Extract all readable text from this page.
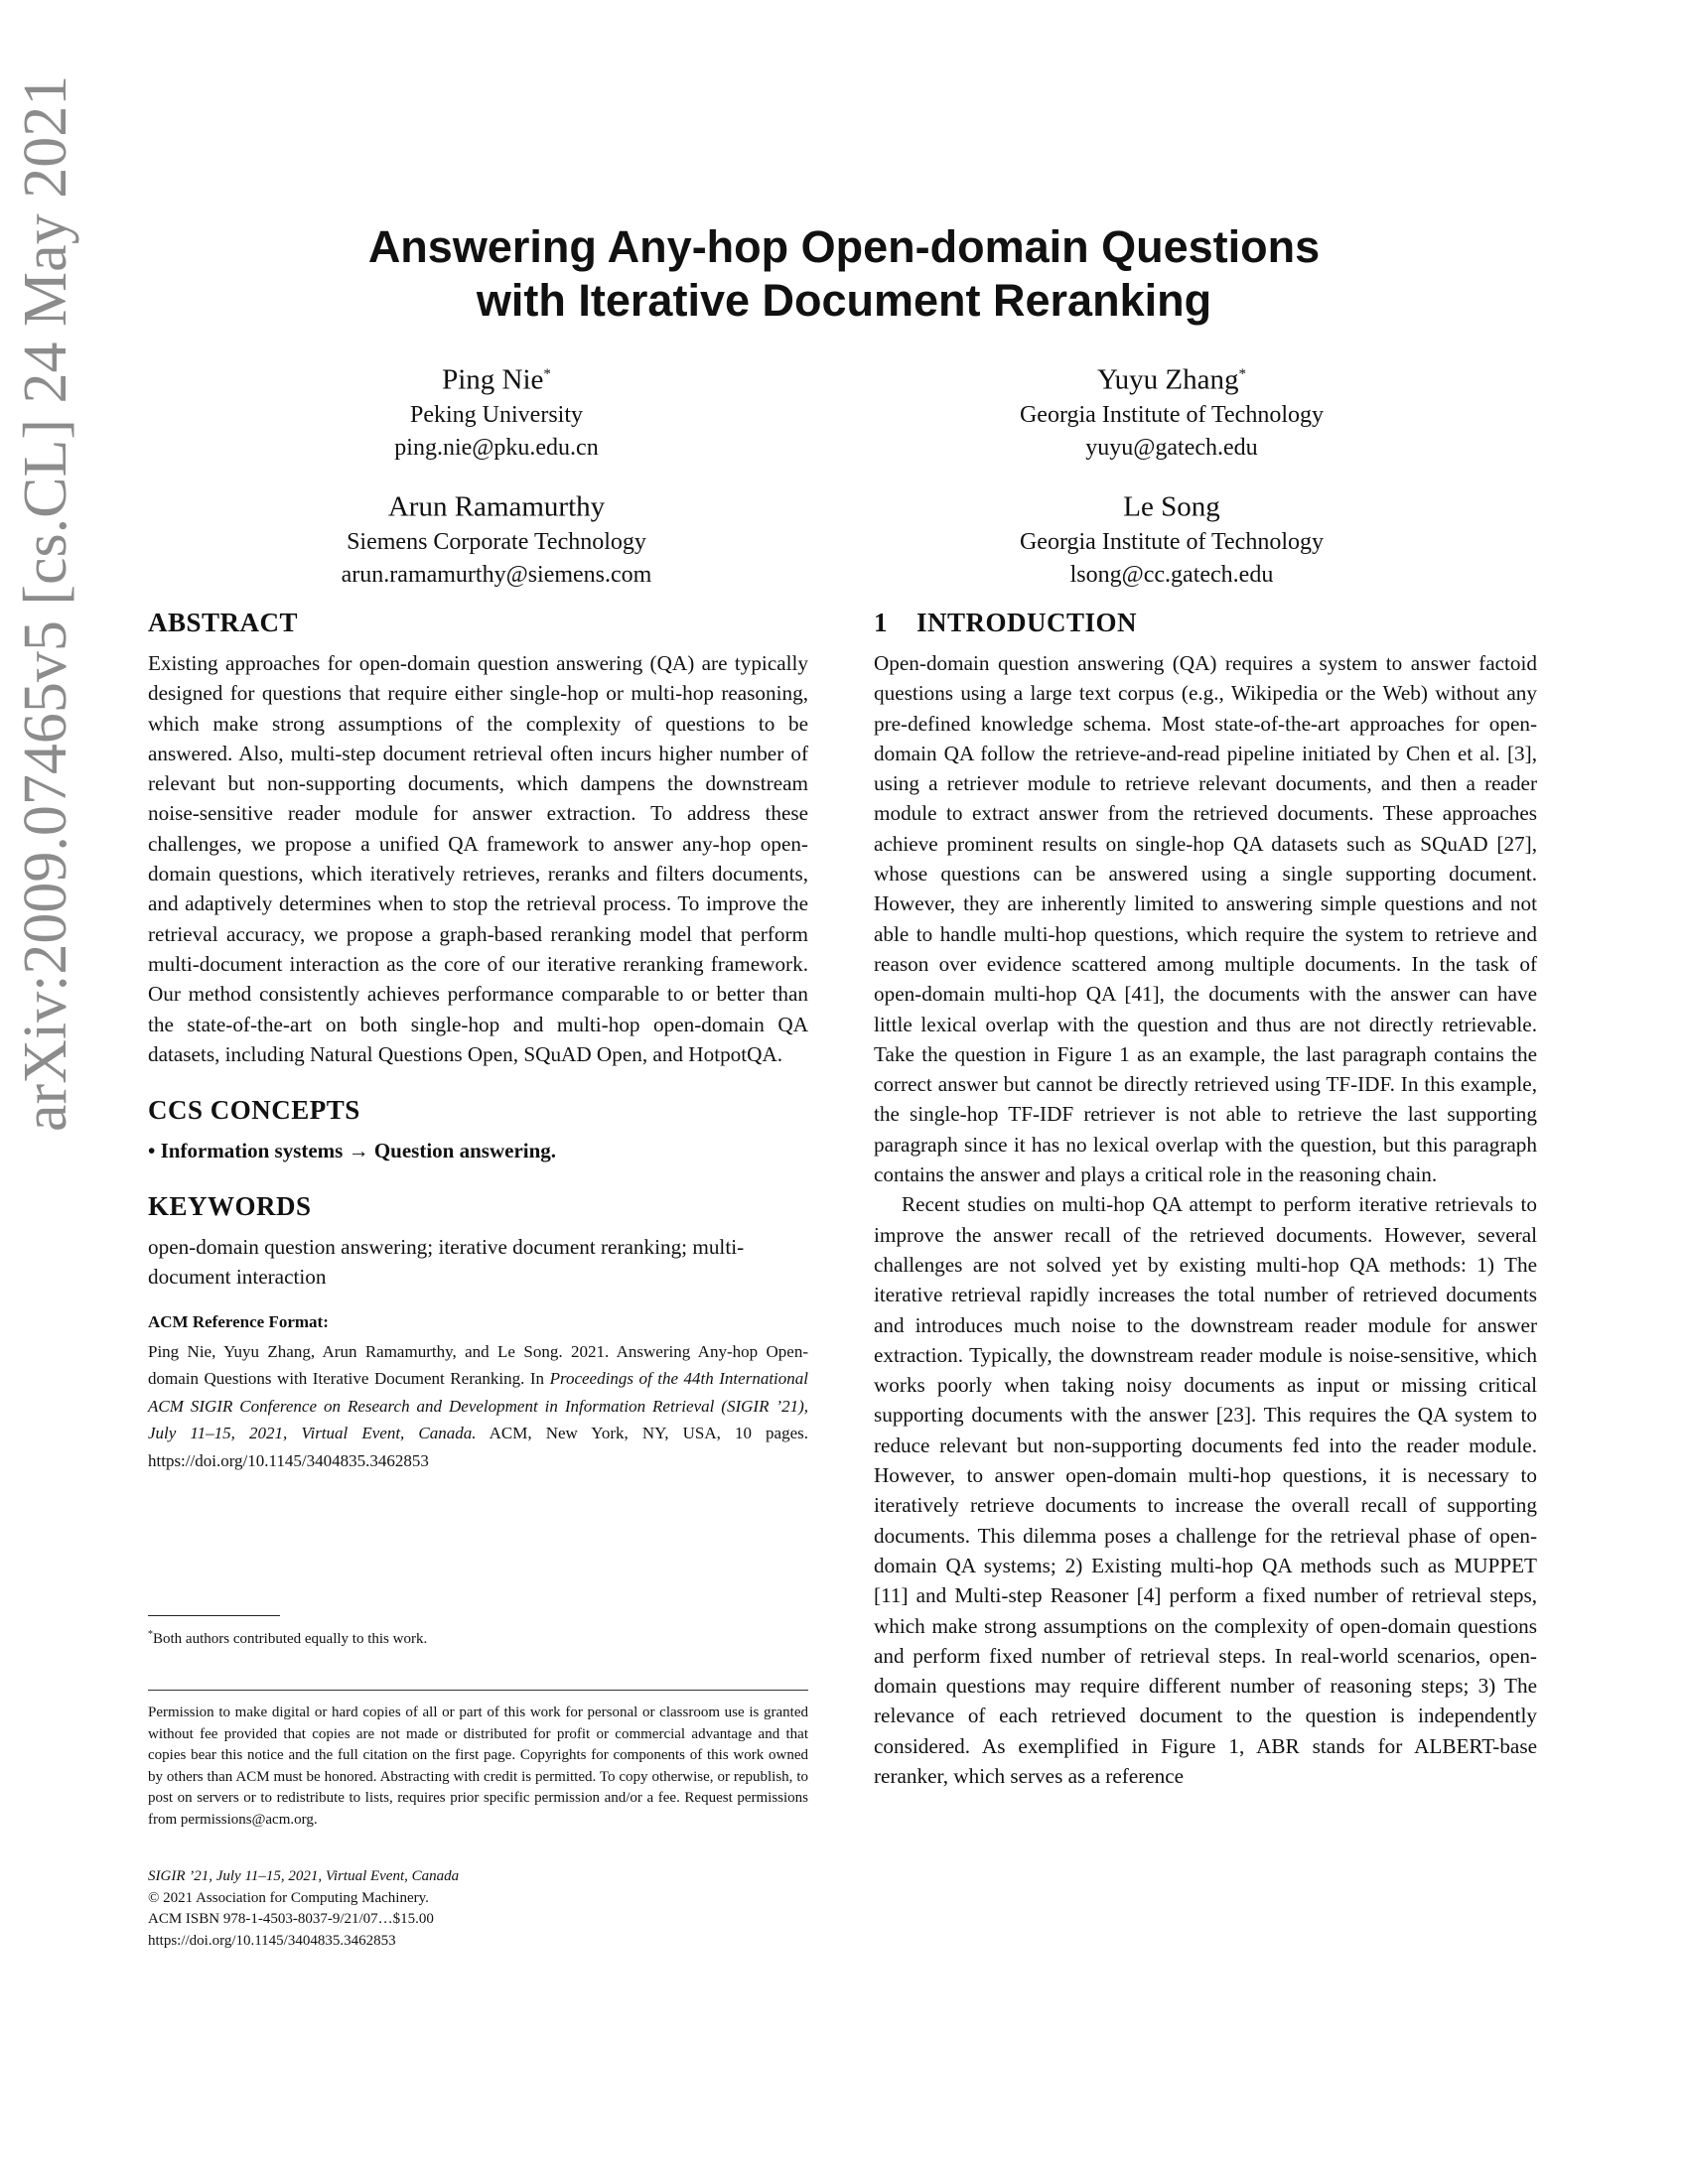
arXiv:2009.07465v5 [cs.CL] 24 May 2021	Answering Any-hop Open-domain Questions
with Iterative Document Reranking
Ping Nie*
Peking University
ping.nie@pku.edu.cn
Yuyu Zhang*
Georgia Institute of Technology
yuyu@gatech.edu
Arun Ramamurthy
Siemens Corporate Technology
arun.ramamurthy@siemens.com
Le Song
Georgia Institute of Technology
lsong@cc.gatech.edu
ABSTRACT

Existing approaches for open-domain question answering (QA) are typically designed for questions that require either single-hop or multi-hop reasoning, which make strong assumptions of the complexity of questions to be answered. Also, multi-step document retrieval often incurs higher number of relevant but non-supporting documents, which dampens the downstream noise-sensitive reader module for answer extraction. To address these challenges, we propose a unified QA framework to answer any-hop open-domain questions, which iteratively retrieves, reranks and filters documents, and adaptively determines when to stop the retrieval process. To improve the retrieval accuracy, we propose a graph-based reranking model that perform multi-document interaction as the core of our iterative reranking framework. Our method consistently achieves performance comparable to or better than the state-of-the-art on both single-hop and multi-hop open-domain QA datasets, including Natural Questions Open, SQuAD Open, and HotpotQA.

CCS CONCEPTS

• Information systems → Question answering.

KEYWORDS

open-domain question answering; iterative document reranking; multi-document interaction

ACM Reference Format:

Ping Nie, Yuyu Zhang, Arun Ramamurthy, and Le Song. 2021. Answering Any-hop Open-domain Questions with Iterative Document Reranking. In Proceedings of the 44th International ACM SIGIR Conference on Research and Development in Information Retrieval (SIGIR ’21), July 11–15, 2021, Virtual Event, Canada. ACM, New York, NY, USA, 10 pages. https://doi.org/10.1145/3404835.3462853

*Both authors contributed equally to this work.

Permission to make digital or hard copies of all or part of this work for personal or classroom use is granted without fee provided that copies are not made or distributed for profit or commercial advantage and that copies bear this notice and the full citation on the first page. Copyrights for components of this work owned by others than ACM must be honored. Abstracting with credit is permitted. To copy otherwise, or republish, to post on servers or to redistribute to lists, requires prior specific permission and/or a fee. Request permissions from permissions@acm.org.

SIGIR ’21, July 11–15, 2021, Virtual Event, Canada
© 2021 Association for Computing Machinery.
ACM ISBN 978-1-4503-8037-9/21/07…$15.00
https://doi.org/10.1145/3404835.3462853
1    INTRODUCTION

Open-domain question answering (QA) requires a system to answer factoid questions using a large text corpus (e.g., Wikipedia or the Web) without any pre-defined knowledge schema. Most state-of-the-art approaches for open-domain QA follow the retrieve-and-read pipeline initiated by Chen et al. [3], using a retriever module to retrieve relevant documents, and then a reader module to extract answer from the retrieved documents. These approaches achieve prominent results on single-hop QA datasets such as SQuAD [27], whose questions can be answered using a single supporting document. However, they are inherently limited to answering simple questions and not able to handle multi-hop questions, which require the system to retrieve and reason over evidence scattered among multiple documents. In the task of open-domain multi-hop QA [41], the documents with the answer can have little lexical overlap with the question and thus are not directly retrievable. Take the question in Figure 1 as an example, the last paragraph contains the correct answer but cannot be directly retrieved using TF-IDF. In this example, the single-hop TF-IDF retriever is not able to retrieve the last supporting paragraph since it has no lexical overlap with the question, but this paragraph contains the answer and plays a critical role in the reasoning chain.

Recent studies on multi-hop QA attempt to perform iterative retrievals to improve the answer recall of the retrieved documents. However, several challenges are not solved yet by existing multi-hop QA methods: 1) The iterative retrieval rapidly increases the total number of retrieved documents and introduces much noise to the downstream reader module for answer extraction. Typically, the downstream reader module is noise-sensitive, which works poorly when taking noisy documents as input or missing critical supporting documents with the answer [23]. This requires the QA system to reduce relevant but non-supporting documents fed into the reader module. However, to answer open-domain multi-hop questions, it is necessary to iteratively retrieve documents to increase the overall recall of supporting documents. This dilemma poses a challenge for the retrieval phase of open-domain QA systems; 2) Existing multi-hop QA methods such as MUPPET [11] and Multi-step Reasoner [4] perform a fixed number of retrieval steps, which make strong assumptions on the complexity of open-domain questions and perform fixed number of retrieval steps. In real-world scenarios, open-domain questions may require different number of reasoning steps; 3) The relevance of each retrieved document to the question is independently considered. As exemplified in Figure 1, ABR stands for ALBERT-base reranker, which serves as a reference
